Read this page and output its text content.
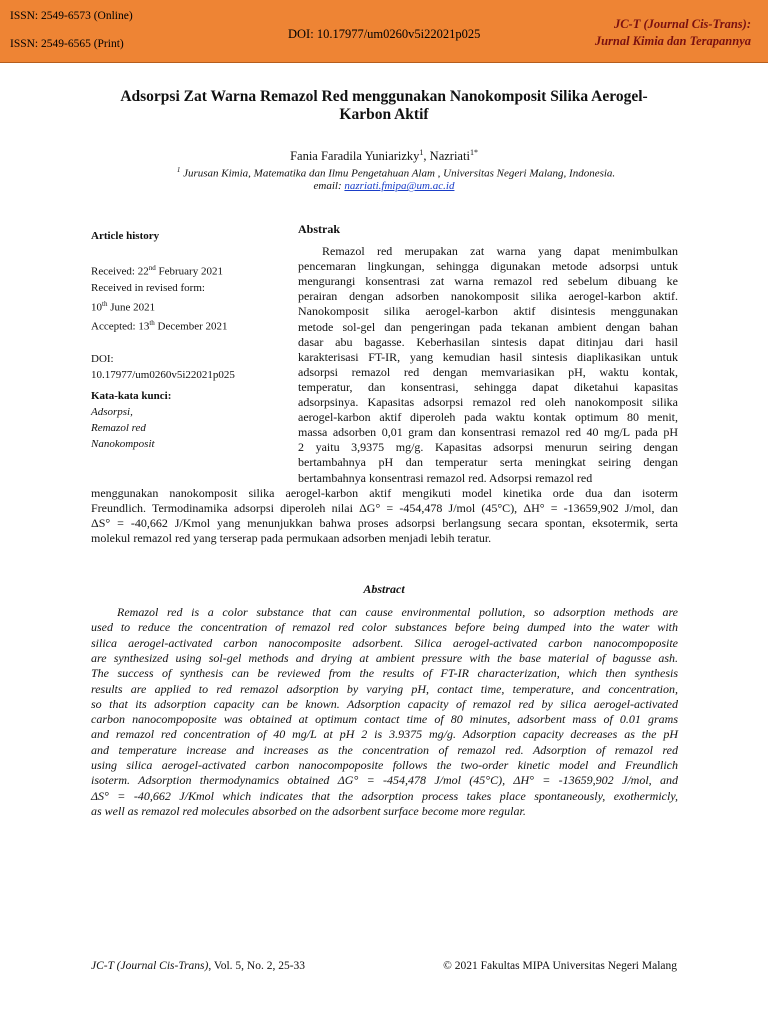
ISSN: 2549-6573 (Online)
ISSN: 2549-6565 (Print)
DOI: 10.17977/um0260v5i22021p025
JC-T (Journal Cis-Trans):
Jurnal Kimia dan Terapannya
Adsorpsi Zat Warna Remazol Red menggunakan Nanokomposit Silika Aerogel-Karbon Aktif
Fania Faradila Yuniarizky$^1$, Nazriati$^{1*}$
$^1$ Jurusan Kimia, Matematika dan Ilmu Pengetahuan Alam , Universitas Negeri Malang, Indonesia.
email: nazriati.fmipa@um.ac.id
Article history
Received: 22nd February 2021
Received in revised form:
10th June 2021
Accepted: 13th December 2021
DOI:
10.17977/um0260v5i22021p025
Kata-kata kunci:
Adsorpsi,
Remazol red
Nanokomposit
Abstrak

Remazol red merupakan zat warna yang dapat menimbulkan

pencemaran lingkungan, sehingga digunakan metode adsorpsi untuk

mengurangi konsentrasi zat warna remazol red sebelum dibuang ke

perairan dengan adsorben nanokomposit silika aerogel-karbon aktif.

Nanokomposit silika aerogel-karbon aktif disintesis menggunakan

metode sol-gel dan pengeringan pada tekanan ambient dengan bahan

dasar abu bagasse. Keberhasilan sintesis dapat ditinjau dari hasil

karakterisasi FT-IR, yang kemudian hasil sintesis diaplikasikan untuk

adsorpsi remazol red dengan memvariasikan pH, waktu kontak,

temperatur, dan konsentrasi, sehingga dapat diketahui kapasitas

adsorpsinya. Kapasitas adsorpsi remazol red oleh nanokomposit silika

aerogel-karbon aktif diperoleh pada waktu kontak optimum 80 menit,

massa adsorben 0,01 gram dan konsentrasi remazol red 40 mg/L pada pH

2 yaitu 3,9375 mg/g. Kapasitas adsorpsi menurun seiring dengan

bertambahnya pH dan temperatur serta meningkat seiring dengan

bertambahnya konsentrasi remazol red. Adsorpsi remazol red

menggunakan nanokomposit silika aerogel-karbon aktif mengikuti model kinetika orde dua dan isoterm

Freundlich. Termodinamika adsorpsi diperoleh nilai ΔG° = -454,478 J/mol (45°C), ΔH° = -13659,902 J/mol, dan

ΔS° = -40,662 J/Kmol yang menunjukkan bahwa proses adsorpsi berlangsung secara spontan, eksotermik, serta

molekul remazol red yang terserap pada permukaan adsorben menjadi lebih teratur.

Abstract

Remazol red is a color substance that can cause environmental pollution, so adsorption methods are

used to reduce the concentration of remazol red color substances before being dumped into the water with

silica aerogel-activated carbon nanocomposite adsorbent. Silica aerogel-activated carbon nanocompoposite

are synthesized using sol-gel methods and drying at ambient pressure with the base material of bagusse ash.

The success of synthesis can be reviewed from the results of FT-IR characterization, which then synthesis

results are applied to red remazol adsorption by varying pH, contact time, temperature, and concentration,

so that its adsorption capacity can be known. Adsorption capacity of remazol red by silica aerogel-activated

carbon nanocompoposite was obtained at optimum contact time of 80 minutes, adsorbent mass of 0.01 grams

and remazol red concentration of 40 mg/L at pH 2 is 3.9375 mg/g. Adsorption capacity decreases as the pH

and temperature increase and increases as the concentration of remazol red. Adsorption of remazol red

using silica aerogel-activated carbon nanocompoposite follows the two-order kinetic model and Freundlich

isoterm. Adsorption thermodynamics obtained ΔG° = -454,478 J/mol (45°C), ΔH° = -13659,902 J/mol, and

ΔS° = -40,662 J/Kmol which indicates that the adsorption process takes place spontaneously, exothermicly,

as well as remazol red molecules absorbed on the adsorbent surface become more regular.

JC-T (Journal Cis-Trans), Vol. 5, No. 2, 25-33	© 2021 Fakultas MIPA Universitas Negeri Malang
